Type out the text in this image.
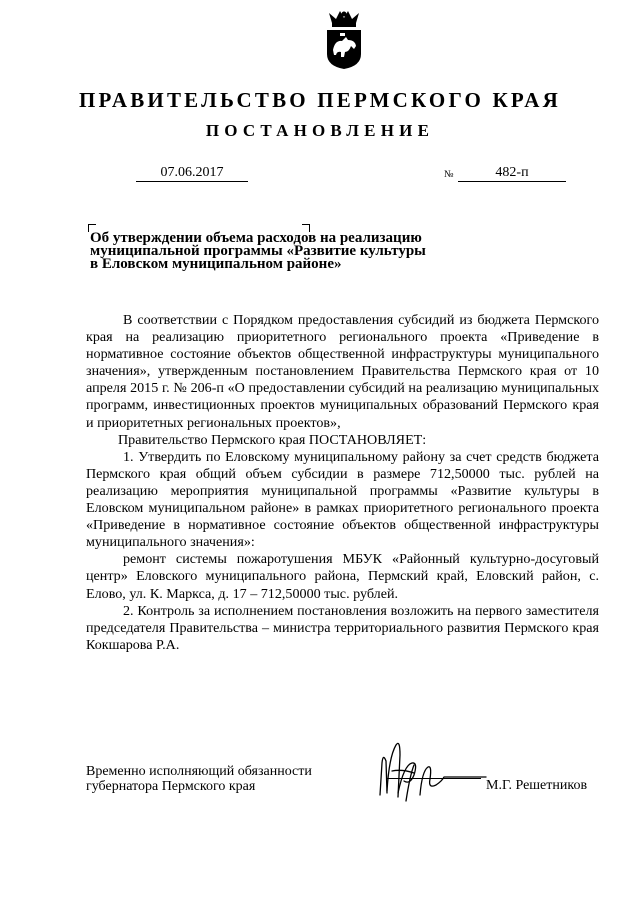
ПРАВИТЕЛЬСТВО ПЕРМСКОГО КРАЯ
ПОСТАНОВЛЕНИЕ
07.06.2017	№	482-п
Об утверждении объема расходов на реализацию
муниципальной программы «Развитие культуры
в Еловском муниципальном районе»

В соответствии с Порядком предоставления субсидий из бюджета Пермского края на реализацию приоритетного регионального проекта «Приведение в нормативное состояние объектов общественной инфраструктуры муниципального значения», утвержденным постановлением Правительства Пермского края от 10 апреля 2015 г. № 206-п «О предоставлении субсидий на реализацию муниципальных программ, инвестиционных проектов муниципальных образований Пермского края и приоритетных региональных проектов»,

Правительство Пермского края ПОСТАНОВЛЯЕТ:

1. Утвердить по Еловскому муниципальному району за счет средств бюджета Пермского края общий объем субсидии в размере 712,50000 тыс. рублей на реализацию мероприятия муниципальной программы «Развитие культуры в Еловском муниципальном районе» в рамках приоритетного регионального проекта «Приведение в нормативное состояние объектов общественной инфраструктуры муниципального значения»:

ремонт системы пожаротушения МБУК «Районный культурно-досуговый центр» Еловского муниципального района, Пермский край, Еловский район, с. Елово, ул. К. Маркса, д. 17 – 712,50000 тыс. рублей.

2. Контроль за исполнением постановления возложить на первого заместителя председателя Правительства – министра территориального развития Пермского края Кокшарова Р.А.

Временно исполняющий обязанности
губернатора Пермского края	М.Г. Решетников
